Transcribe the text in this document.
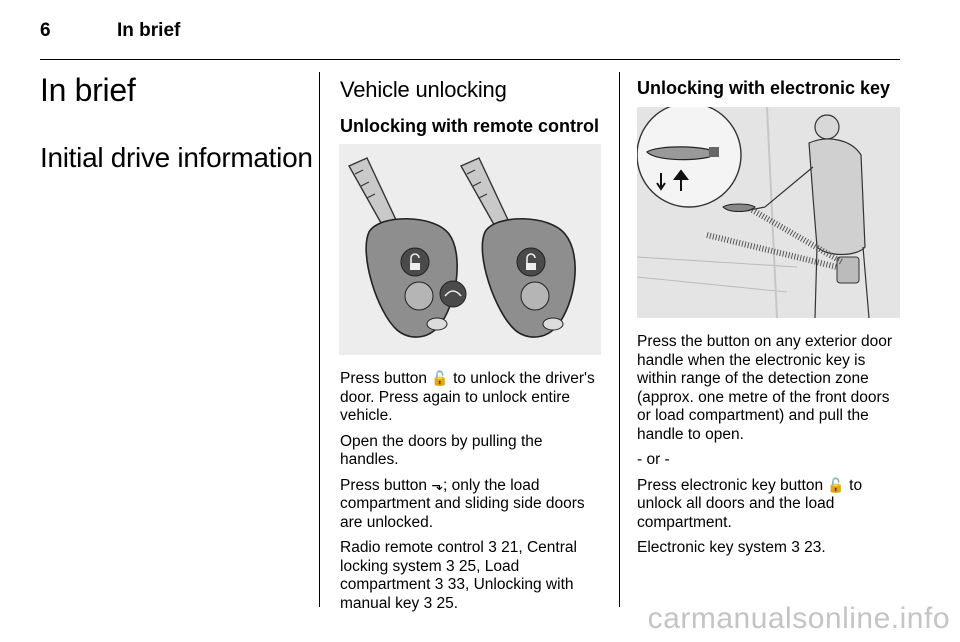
6	In brief
In brief
Initial drive information
Vehicle unlocking
Unlocking with remote control

Press button 🔓 to unlock the driver's door. Press again to unlock entire vehicle.

Open the doors by pulling the handles.

Press button ⬎; only the load compartment and sliding side doors are unlocked.

Radio remote control 3 21, Central locking system 3 25, Load compartment 3 33, Unlocking with manual key 3 25.

Unlocking with electronic key

Press the button on any exterior door handle when the electronic key is within range of the detection zone (approx. one metre of the front doors or load compartment) and pull the handle to open.

- or -

Press electronic key button 🔓 to unlock all doors and the load compartment.

Electronic key system 3 23.

carmanualsonline.info
